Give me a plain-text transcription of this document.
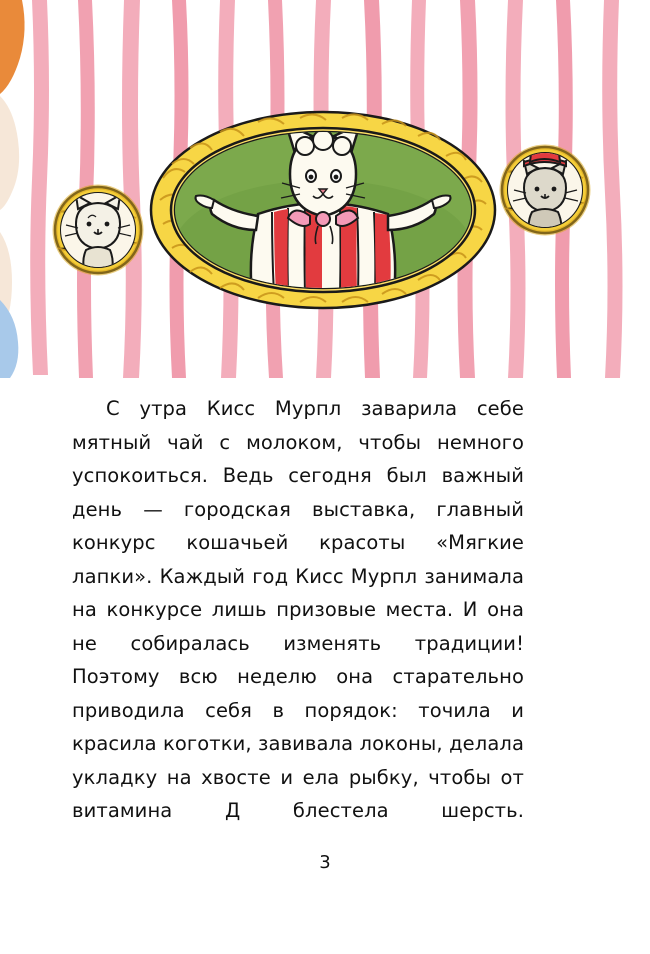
С утра Кисс Мурпл заварила себе мятный чай с молоком, чтобы немного успокоиться. Ведь сегодня был важный день — городская выставка, главный конкурс кошачьей красоты «Мягкие лапки». Каждый год Кисс Мурпл занимала на конкурсе лишь призовые места. И она не собиралась изменять традиции! Поэтому всю неделю она старательно приводила себя в порядок: точила и красила коготки, завивала локоны, делала укладку на хвосте и ела рыбку, чтобы от витамина Д блестела шерсть.

3
